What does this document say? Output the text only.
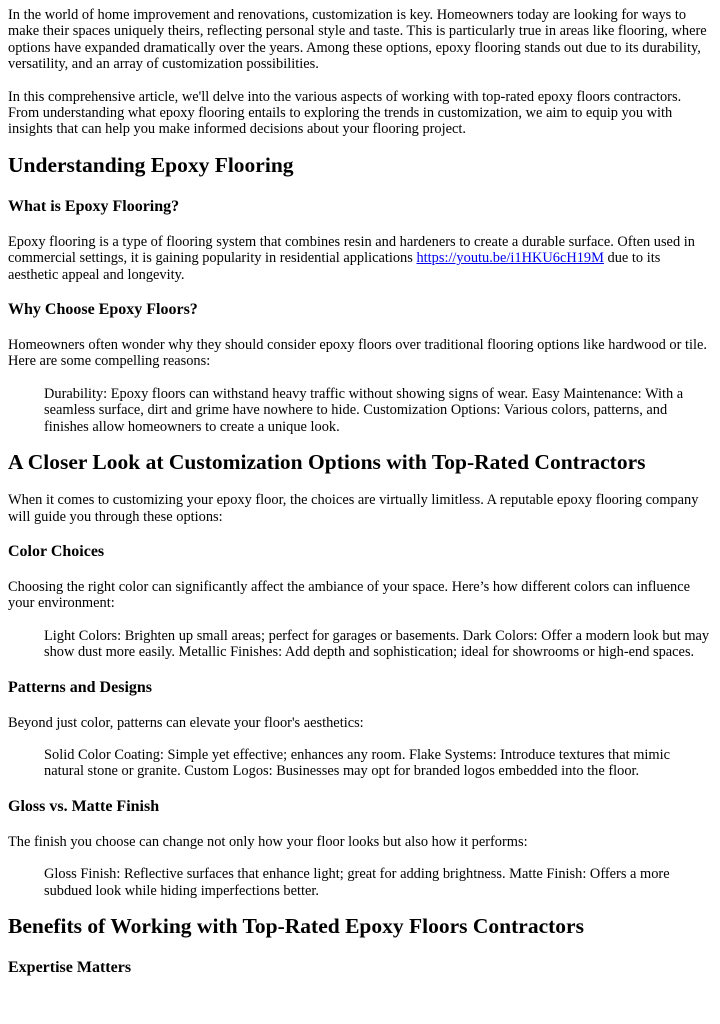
In the world of home improvement and renovations, customization is key. Homeowners today are looking for ways to make their spaces uniquely theirs, reflecting personal style and taste. This is particularly true in areas like flooring, where options have expanded dramatically over the years. Among these options, epoxy flooring stands out due to its durability, versatility, and an array of customization possibilities.

In this comprehensive article, we'll delve into the various aspects of working with top-rated epoxy floors contractors. From understanding what epoxy flooring entails to exploring the trends in customization, we aim to equip you with insights that can help you make informed decisions about your flooring project.

Understanding Epoxy Flooring
What is Epoxy Flooring?

Epoxy flooring is a type of flooring system that combines resin and hardeners to create a durable surface. Often used in commercial settings, it is gaining popularity in residential applications https://youtu.be/i1HKU6cH19M due to its aesthetic appeal and longevity.

Why Choose Epoxy Floors?

Homeowners often wonder why they should consider epoxy floors over traditional flooring options like hardwood or tile. Here are some compelling reasons:

Durability: Epoxy floors can withstand heavy traffic without showing signs of wear. Easy Maintenance: With a seamless surface, dirt and grime have nowhere to hide. Customization Options: Various colors, patterns, and finishes allow homeowners to create a unique look.
A Closer Look at Customization Options with Top-Rated Contractors

When it comes to customizing your epoxy floor, the choices are virtually limitless. A reputable epoxy flooring company will guide you through these options:

Color Choices

Choosing the right color can significantly affect the ambiance of your space. Here’s how different colors can influence your environment:

Light Colors: Brighten up small areas; perfect for garages or basements. Dark Colors: Offer a modern look but may show dust more easily. Metallic Finishes: Add depth and sophistication; ideal for showrooms or high-end spaces.
Patterns and Designs

Beyond just color, patterns can elevate your floor's aesthetics:

Solid Color Coating: Simple yet effective; enhances any room. Flake Systems: Introduce textures that mimic natural stone or granite. Custom Logos: Businesses may opt for branded logos embedded into the floor.
Gloss vs. Matte Finish

The finish you choose can change not only how your floor looks but also how it performs:

Gloss Finish: Reflective surfaces that enhance light; great for adding brightness. Matte Finish: Offers a more subdued look while hiding imperfections better.
Benefits of Working with Top-Rated Epoxy Floors Contractors
Expertise Matters
